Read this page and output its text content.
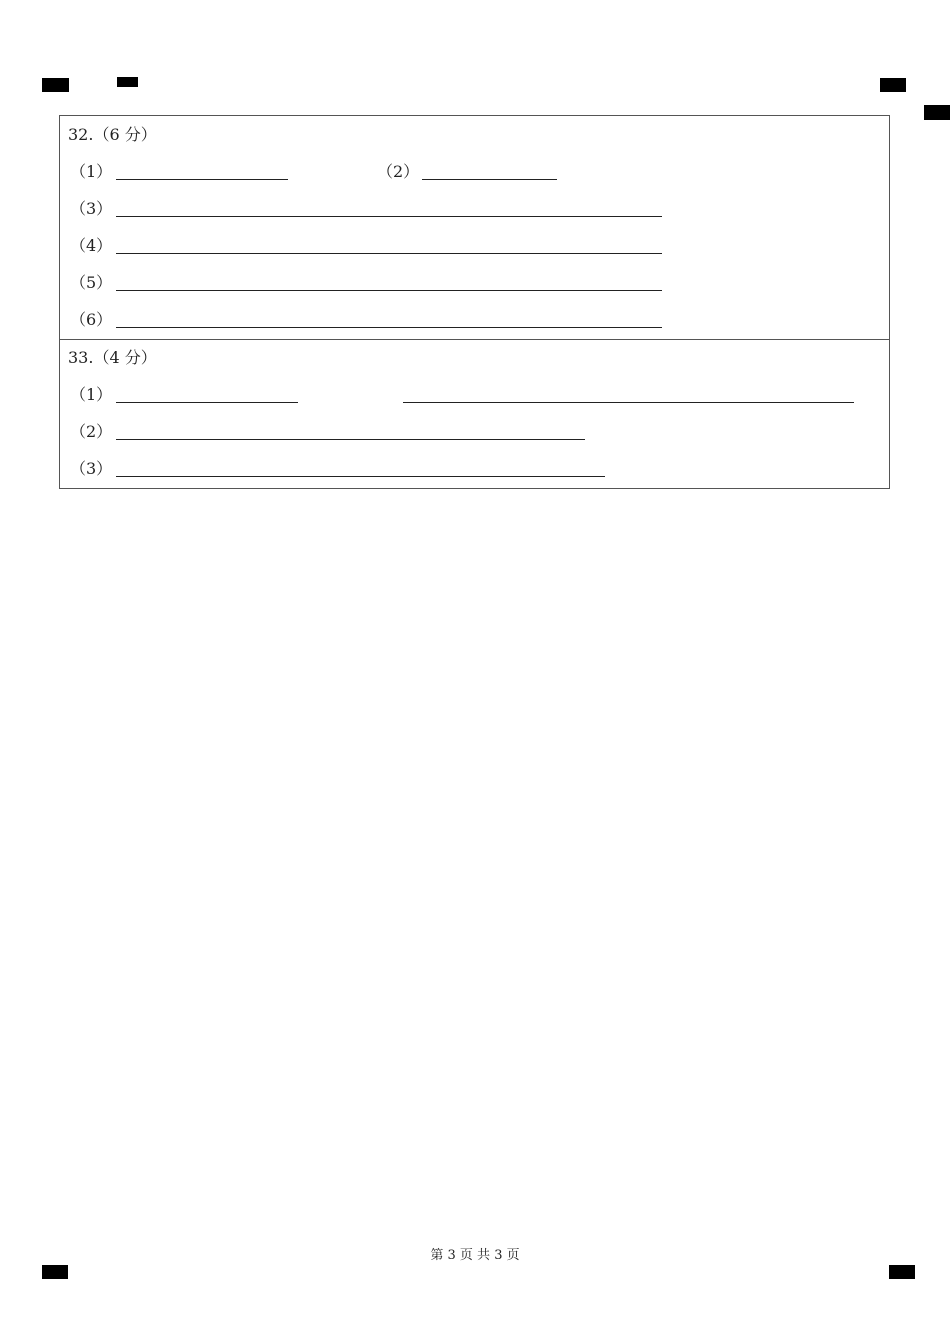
32.（6 分）
（1）	（2）
（3）
（4）
（5）
（6）
33.（4 分）
（1）
（2）
（3）
第 3 页 共 3 页
